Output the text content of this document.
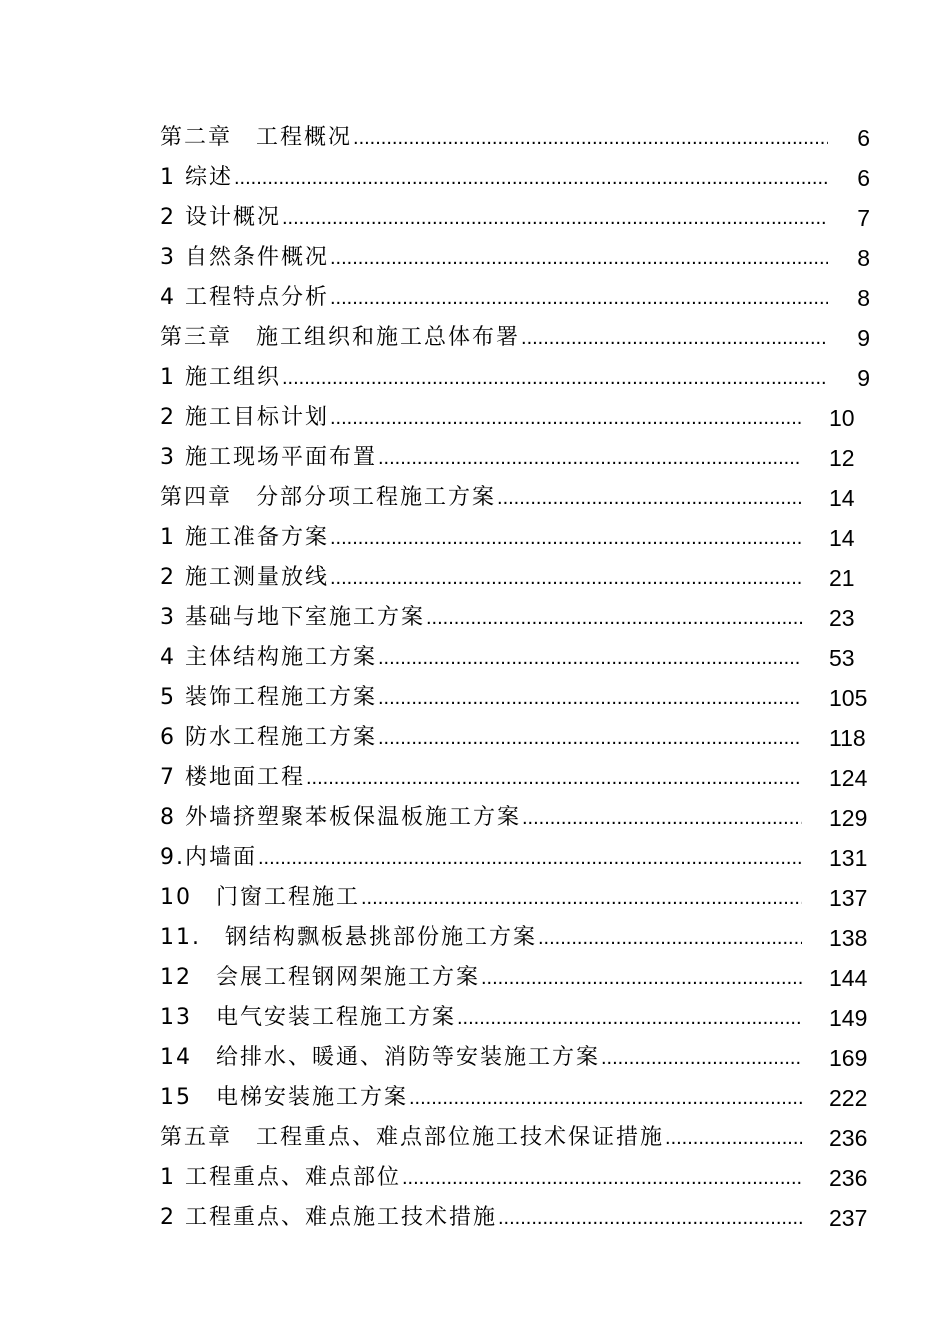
第二章　工程概况 .....	6
1 综述 .....	6
2 设计概况 .....	7
3 自然条件概况 .....	8
4 工程特点分析 .....	8
第三章　施工组织和施工总体布署 .....	9
1 施工组织 .....	9
2 施工目标计划 .....	10
3 施工现场平面布置 .....	12
第四章　分部分项工程施工方案 .....	14
1 施工准备方案 .....	14
2 施工测量放线 .....	21
3 基础与地下室施工方案 .....	23
4 主体结构施工方案 .....	53
5 装饰工程施工方案 .....	105
6 防水工程施工方案 .....	118
7 楼地面工程 .....	124
8 外墙挤塑聚苯板保温板施工方案 .....	129
9.内墙面 .....	131
10　门窗工程施工 .....	137
11.　钢结构飘板悬挑部份施工方案 .....	138
12　会展工程钢网架施工方案 .....	144
13　电气安装工程施工方案 .....	149
14　给排水、暖通、消防等安装施工方案 .....	169
15　电梯安装施工方案 .....	222
第五章　工程重点、难点部位施工技术保证措施 .....	236
1 工程重点、难点部位 .....	236
2 工程重点、难点施工技术措施 .....	237
